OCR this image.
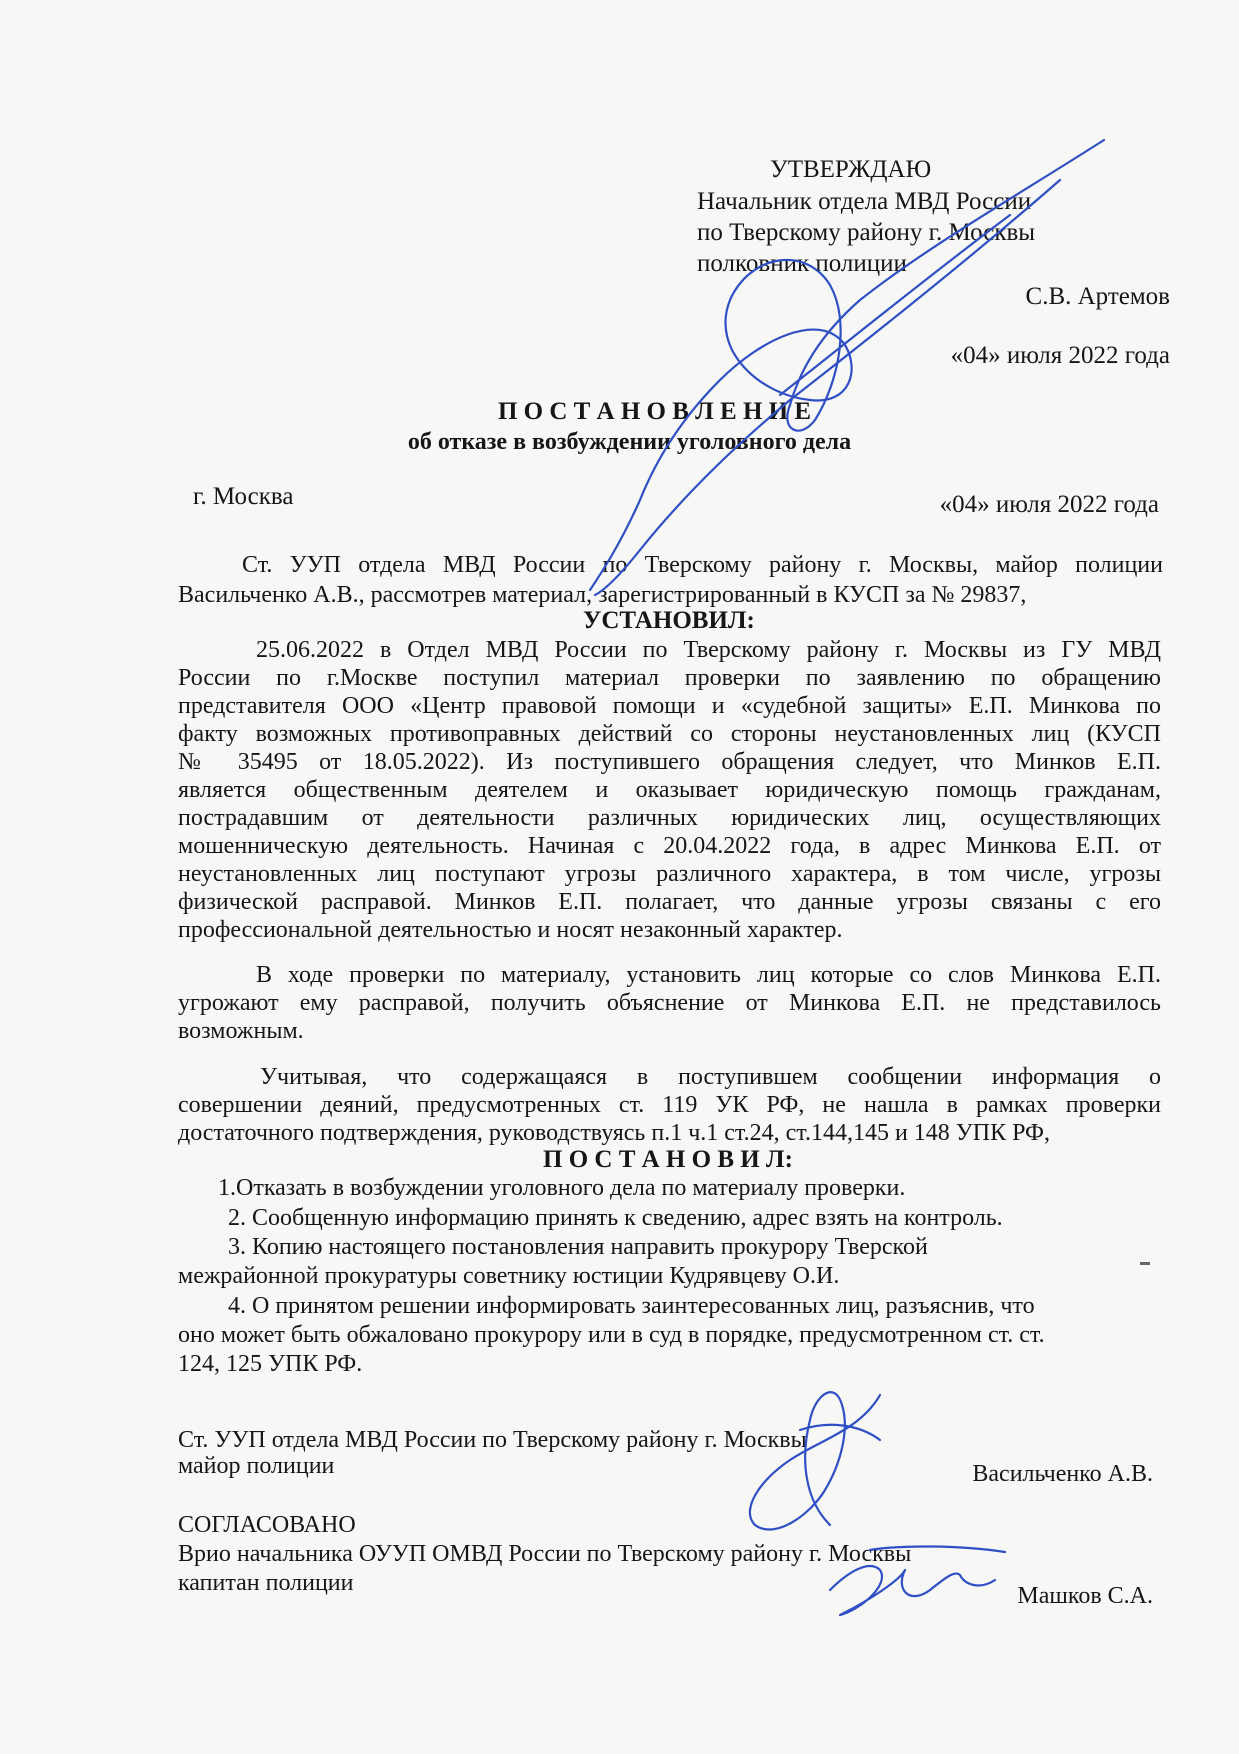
УТВЕРЖДАЮ
Начальник отдела МВД России
по Тверскому району г. Москвы
полковник полиции
С.В. Артемов
«04» июля 2022 года
П О С Т А Н О В Л Е Н И Е
об отказе в возбуждении уголовного дела
г. Москва	«04» июля 2022 года
Ст. УУП отдела МВД России по Тверскому району г. Москвы, майор полиции
Васильченко А.В., рассмотрев материал, зарегистрированный в КУСП за № 29837,
УСТАНОВИЛ:
25.06.2022 в Отдел МВД России по Тверскому району г. Москвы из ГУ МВД
России по г.Москве поступил материал проверки по заявлению по обращению
представителя ООО «Центр правовой помощи и «судебной защиты» Е.П. Минкова по
факту возможных противоправных действий со стороны неустановленных лиц (КУСП
№ 35495 от 18.05.2022). Из поступившего обращения следует, что Минков Е.П.
является общественным деятелем и оказывает юридическую помощь гражданам,
пострадавшим от деятельности различных юридических лиц, осуществляющих
мошенническую деятельность. Начиная с 20.04.2022 года, в адрес Минкова Е.П. от
неустановленных лиц поступают угрозы различного характера, в том числе, угрозы
физической расправой. Минков Е.П. полагает, что данные угрозы связаны с его
профессиональной деятельностью и носят незаконный характер.
В ходе проверки по материалу, установить лиц которые со слов Минкова Е.П.
угрожают ему расправой, получить объяснение от Минкова Е.П. не представилось
возможным.
Учитывая, что содержащаяся в поступившем сообщении информация о
совершении деяний, предусмотренных ст. 119 УК РФ, не нашла в рамках проверки
достаточного подтверждения, руководствуясь п.1 ч.1 ст.24, ст.144,145 и 148 УПК РФ,
П О С Т А Н О В И Л:
1.Отказать в возбуждении уголовного дела по материалу проверки.
2. Сообщенную информацию принять к сведению, адрес взять на контроль.
3. Копию настоящего постановления направить прокурору Тверской
межрайонной прокуратуры советнику юстиции Кудрявцеву О.И.
4. О принятом решении информировать заинтересованных лиц, разъяснив, что
оно может быть обжаловано прокурору или в суд в порядке, предусмотренном ст. ст.
124, 125 УПК РФ.
Ст. УУП отдела МВД России по Тверскому району г. Москвы
майор полиции	Васильченко А.В.
СОГЛАСОВАНО
Врио начальника ОУУП ОМВД России по Тверскому району г. Москвы
капитан полиции	Машков С.А.
